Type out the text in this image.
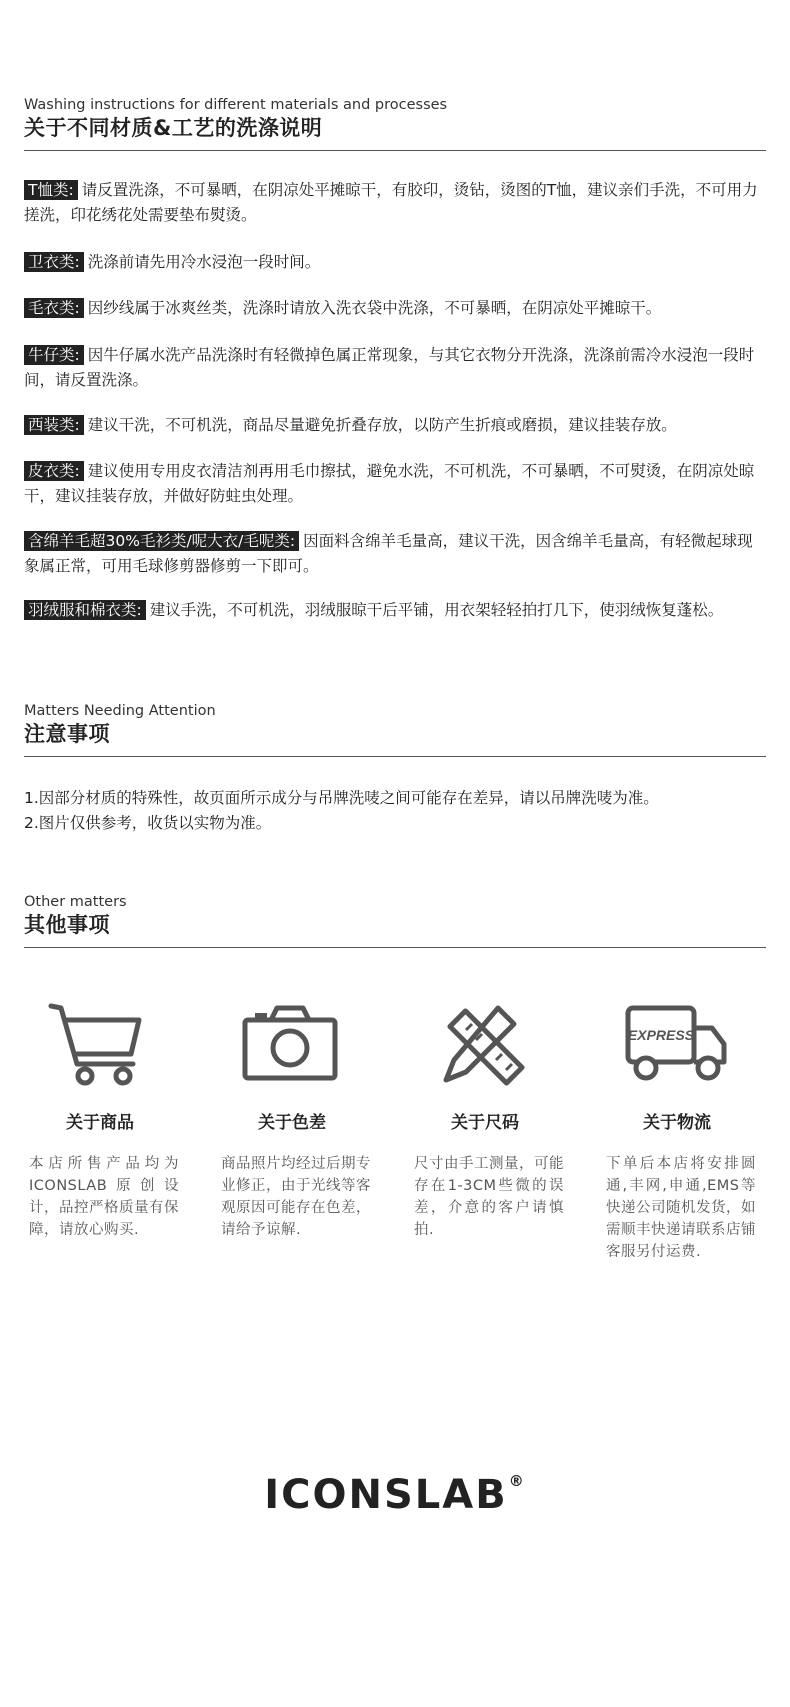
Washing instructions for different materials and processes

关于不同材质&工艺的洗涤说明

T恤类: 请反置洗涤，不可暴晒，在阴凉处平摊晾干，有胶印，烫钻，烫图的T恤，建议亲们手洗，不可用力搓洗，印花绣花处需要垫布熨烫。

卫衣类: 洗涤前请先用冷水浸泡一段时间。

毛衣类: 因纱线属于冰爽丝类，洗涤时请放入洗衣袋中洗涤，不可暴晒，在阴凉处平摊晾干。

牛仔类: 因牛仔属水洗产品洗涤时有轻微掉色属正常现象，与其它衣物分开洗涤，洗涤前需冷水浸泡一段时间，请反置洗涤。

西装类: 建议干洗，不可机洗，商品尽量避免折叠存放，以防产生折痕或磨损，建议挂装存放。

皮衣类: 建议使用专用皮衣清洁剂再用毛巾擦拭，避免水洗，不可机洗，不可暴晒，不可熨烫，在阴凉处晾干，建议挂装存放，并做好防蛀虫处理。

含绵羊毛超30%毛衫类/呢大衣/毛呢类: 因面料含绵羊毛量高，建议干洗，因含绵羊毛量高，有轻微起球现象属正常，可用毛球修剪器修剪一下即可。

羽绒服和棉衣类: 建议手洗，不可机洗，羽绒服晾干后平铺，用衣架轻轻拍打几下，使羽绒恢复蓬松。

Matters Needing Attention

注意事项

1.因部分材质的特殊性，故页面所示成分与吊牌洗唛之间可能存在差异，请以吊牌洗唛为准。

2.图片仅供参考，收货以实物为准。

Other matters

其他事项

关于商品
本店所售产品均为ICONSLAB原创设计，品控严格质量有保障，请放心购买.
关于色差
商品照片均经过后期专业修正，由于光线等客观原因可能存在色差，请给予谅解.
关于尺码
尺寸由手工测量，可能存在1-3CM些微的误差，介意的客户请慎拍.
EXPRESS
关于物流
下单后本店将安排圆通,丰网,申通,EMS等快递公司随机发货，如需顺丰快递请联系店铺客服另付运费.
ICONSLAB®
